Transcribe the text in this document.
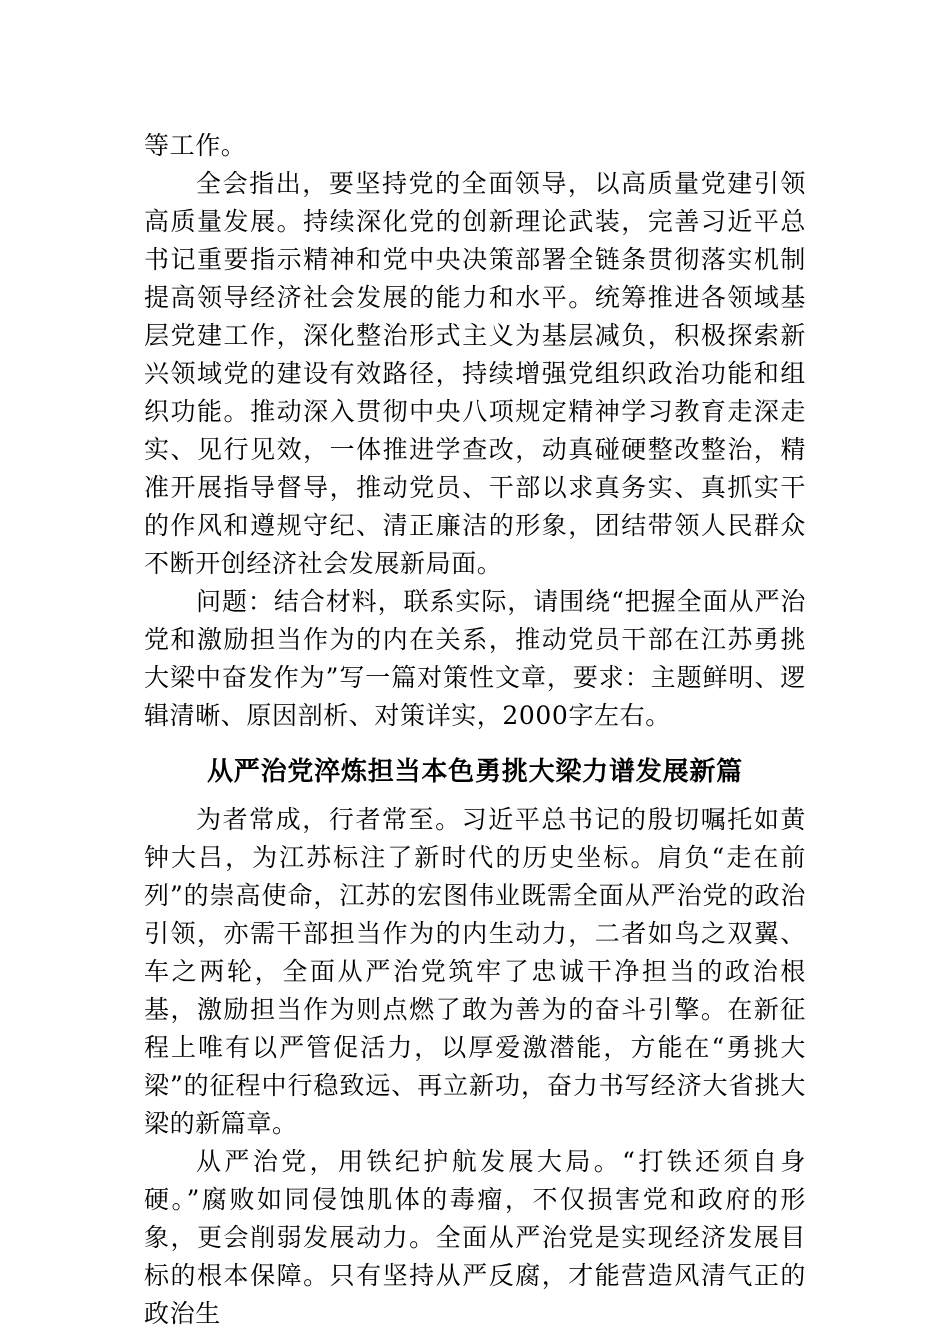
等工作。

全会指出，要坚持党的全面领导，以高质量党建引领高质量发展。持续深化党的创新理论武装，完善习近平总书记重要指示精神和党中央决策部署全链条贯彻落实机制提高领导经济社会发展的能力和水平。统筹推进各领域基层党建工作，深化整治形式主义为基层减负，积极探索新兴领域党的建设有效路径，持续增强党组织政治功能和组织功能。推动深入贯彻中央八项规定精神学习教育走深走实、见行见效，一体推进学查改，动真碰硬整改整治，精准开展指导督导，推动党员、干部以求真务实、真抓实干的作风和遵规守纪、清正廉洁的形象，团结带领人民群众不断开创经济社会发展新局面。

问题：结合材料，联系实际，请围绕“把握全面从严治党和激励担当作为的内在关系，推动党员干部在江苏勇挑大梁中奋发作为”写一篇对策性文章，要求：主题鲜明、逻辑清晰、原因剖析、对策详实，2000字左右。

从严治党淬炼担当本色勇挑大梁力谱发展新篇

为者常成，行者常至。习近平总书记的殷切嘱托如黄钟大吕，为江苏标注了新时代的历史坐标。肩负“走在前列”的崇高使命，江苏的宏图伟业既需全面从严治党的政治引领，亦需干部担当作为的内生动力，二者如鸟之双翼、车之两轮，全面从严治党筑牢了忠诚干净担当的政治根基，激励担当作为则点燃了敢为善为的奋斗引擎。在新征程上唯有以严管促活力，以厚爱激潜能，方能在“勇挑大梁”的征程中行稳致远、再立新功，奋力书写经济大省挑大梁的新篇章。

从严治党，用铁纪护航发展大局。“打铁还须自身硬。”腐败如同侵蚀肌体的毒瘤，不仅损害党和政府的形象，更会削弱发展动力。全面从严治党是实现经济发展目标的根本保障。只有坚持从严反腐，才能营造风清气正的政治生
